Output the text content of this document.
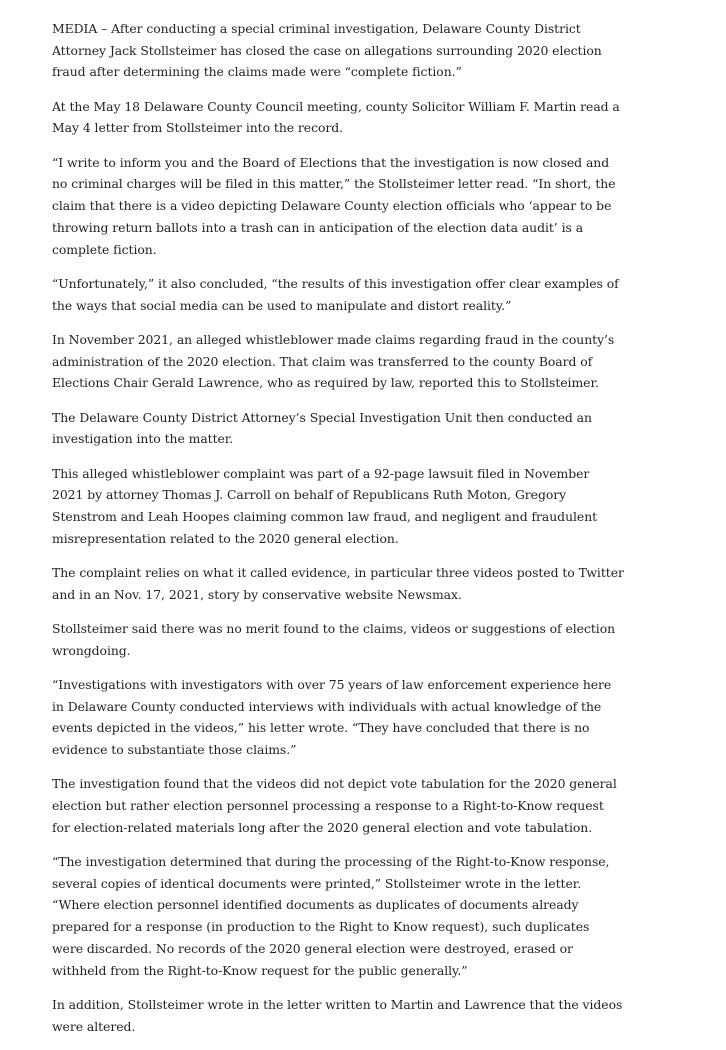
MEDIA – After conducting a special criminal investigation, Delaware County District Attorney Jack Stollsteimer has closed the case on allegations surrounding 2020 election fraud after determining the claims made were “complete fiction.”

At the May 18 Delaware County Council meeting, county Solicitor William F. Martin read a May 4 letter from Stollsteimer into the record.

“I write to inform you and the Board of Elections that the investigation is now closed and no criminal charges will be filed in this matter,” the Stollsteimer letter read. “In short, the claim that there is a video depicting Delaware County election officials who ‘appear to be throwing return ballots into a trash can in anticipation of the election data audit’ is a complete fiction.

“Unfortunately,” it also concluded, “the results of this investigation offer clear examples of the ways that social media can be used to manipulate and distort reality.”

In November 2021, an alleged whistleblower made claims regarding fraud in the county’s administration of the 2020 election. That claim was transferred to the county Board of Elections Chair Gerald Lawrence, who as required by law, reported this to Stollsteimer.

The Delaware County District Attorney’s Special Investigation Unit then conducted an investigation into the matter.

This alleged whistleblower complaint was part of a 92-page lawsuit filed in November 2021 by attorney Thomas J. Carroll on behalf of Republicans Ruth Moton, Gregory Stenstrom and Leah Hoopes claiming common law fraud, and negligent and fraudulent misrepresentation related to the 2020 general election.

The complaint relies on what it called evidence, in particular three videos posted to Twitter and in an Nov. 17, 2021, story by conservative website Newsmax.

Stollsteimer said there was no merit found to the claims, videos or suggestions of election wrongdoing.

“Investigations with investigators with over 75 years of law enforcement experience here in Delaware County conducted interviews with individuals with actual knowledge of the events depicted in the videos,” his letter wrote. “They have concluded that there is no evidence to substantiate those claims.”

The investigation found that the videos did not depict vote tabulation for the 2020 general election but rather election personnel processing a response to a Right-to-Know request for election-related materials long after the 2020 general election and vote tabulation.

“The investigation determined that during the processing of the Right-to-Know response, several copies of identical documents were printed,” Stollsteimer wrote in the letter. “Where election personnel identified documents as duplicates of documents already prepared for a response (in production to the Right to Know request), such duplicates were discarded. No records of the 2020 general election were destroyed, erased or withheld from the Right-to-Know request for the public generally.”

In addition, Stollsteimer wrote in the letter written to Martin and Lawrence that the videos were altered.
